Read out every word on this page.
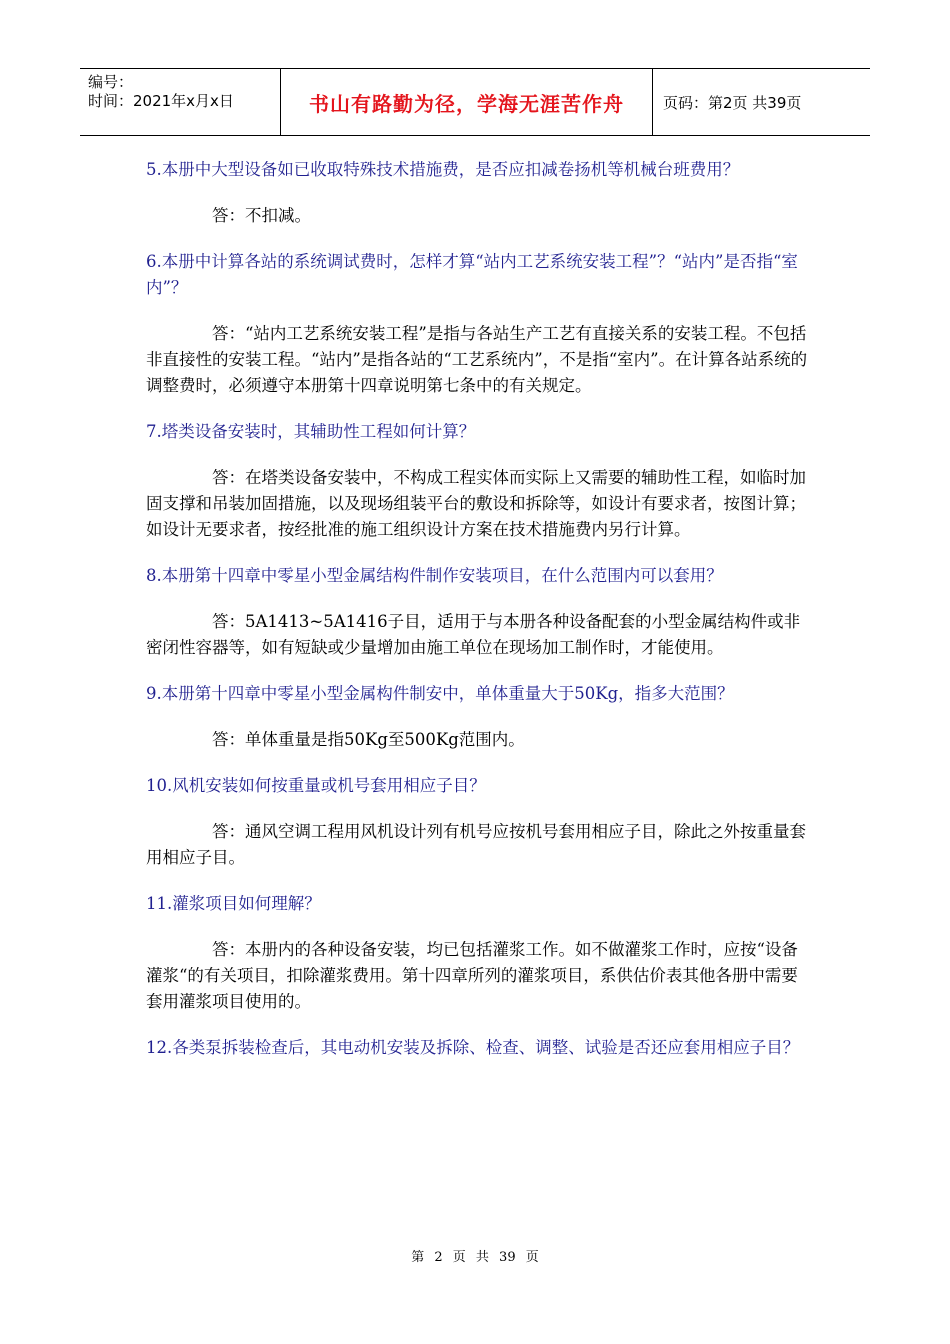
编号：
时间：2021年x月x日	书山有路勤为径，学海无涯苦作舟	页码：第2页 共39页

5.本册中大型设备如已收取特殊技术措施费，是否应扣减卷扬机等机械台班费用？

答：不扣减。

6.本册中计算各站的系统调试费时，怎样才算“站内工艺系统安装工程”？“站内”是否指“室内”？

答：“站内工艺系统安装工程”是指与各站生产工艺有直接关系的安装工程。不包括非直接性的安装工程。“站内”是指各站的“工艺系统内”，不是指“室内”。在计算各站系统的调整费时，必须遵守本册第十四章说明第七条中的有关规定。

7.塔类设备安装时，其辅助性工程如何计算？

答：在塔类设备安装中，不构成工程实体而实际上又需要的辅助性工程，如临时加固支撑和吊装加固措施，以及现场组装平台的敷设和拆除等，如设计有要求者，按图计算；如设计无要求者，按经批准的施工组织设计方案在技术措施费内另行计算。

8.本册第十四章中零星小型金属结构件制作安装项目，在什么范围内可以套用？

答：5A1413~5A1416子目，适用于与本册各种设备配套的小型金属结构件或非密闭性容器等，如有短缺或少量增加由施工单位在现场加工制作时，才能使用。

9.本册第十四章中零星小型金属构件制安中，单体重量大于50Kg，指多大范围？

答：单体重量是指50Kg至500Kg范围内。

10.风机安装如何按重量或机号套用相应子目？

答：通风空调工程用风机设计列有机号应按机号套用相应子目，除此之外按重量套用相应子目。

11.灌浆项目如何理解？

答：本册内的各种设备安装，均已包括灌浆工作。如不做灌浆工作时，应按“设备灌浆“的有关项目，扣除灌浆费用。第十四章所列的灌浆项目，系供估价表其他各册中需要套用灌浆项目使用的。

12.各类泵拆装检查后，其电动机安装及拆除、检查、调整、试验是否还应套用相应子目？

第 2 页 共 39 页
